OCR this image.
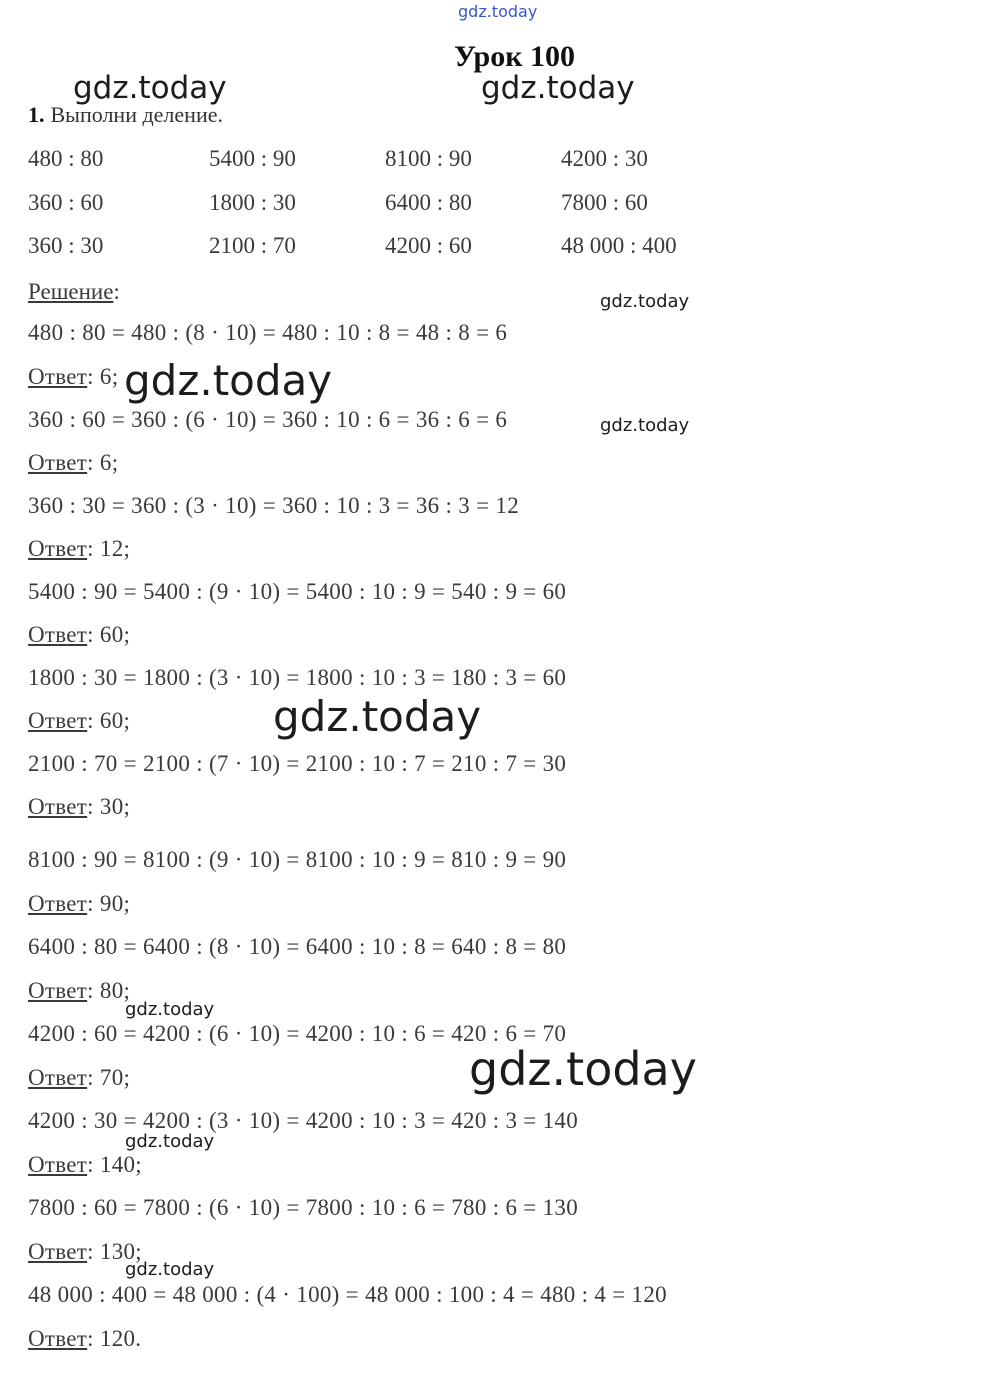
gdz.today
Урок 100
1. Выполни деление.
480 : 80	5400 : 90	8100 : 90	4200 : 30
360 : 60	1800 : 30	6400 : 80	7800 : 60
360 : 30	2100 : 70	4200 : 60	48 000 : 400
Решение:
480 : 80 = 480 : (8 · 10) = 480 : 10 : 8 = 48 : 8 = 6
Ответ: 6;
360 : 60 = 360 : (6 · 10) = 360 : 10 : 6 = 36 : 6 = 6
Ответ: 6;
360 : 30 = 360 : (3 · 10) = 360 : 10 : 3 = 36 : 3 = 12
Ответ: 12;
5400 : 90 = 5400 : (9 · 10) = 5400 : 10 : 9 = 540 : 9 = 60
Ответ: 60;
1800 : 30 = 1800 : (3 · 10) = 1800 : 10 : 3 = 180 : 3 = 60
Ответ: 60;
2100 : 70 = 2100 : (7 · 10) = 2100 : 10 : 7 = 210 : 7 = 30
Ответ: 30;
8100 : 90 = 8100 : (9 · 10) = 8100 : 10 : 9 = 810 : 9 = 90
Ответ: 90;
6400 : 80 = 6400 : (8 · 10) = 6400 : 10 : 8 = 640 : 8 = 80
Ответ: 80;
4200 : 60 = 4200 : (6 · 10) = 4200 : 10 : 6 = 420 : 6 = 70
Ответ: 70;
4200 : 30 = 4200 : (3 · 10) = 4200 : 10 : 3 = 420 : 3 = 140
Ответ: 140;
7800 : 60 = 7800 : (6 · 10) = 7800 : 10 : 6 = 780 : 6 = 130
Ответ: 130;
48 000 : 400 = 48 000 : (4 · 100) = 48 000 : 100 : 4 = 480 : 4 = 120
Ответ: 120.
gdz.today	gdz.today
gdz.today
gdz.today
gdz.today
gdz.today
gdz.today
gdz.today
gdz.today
gdz.today
